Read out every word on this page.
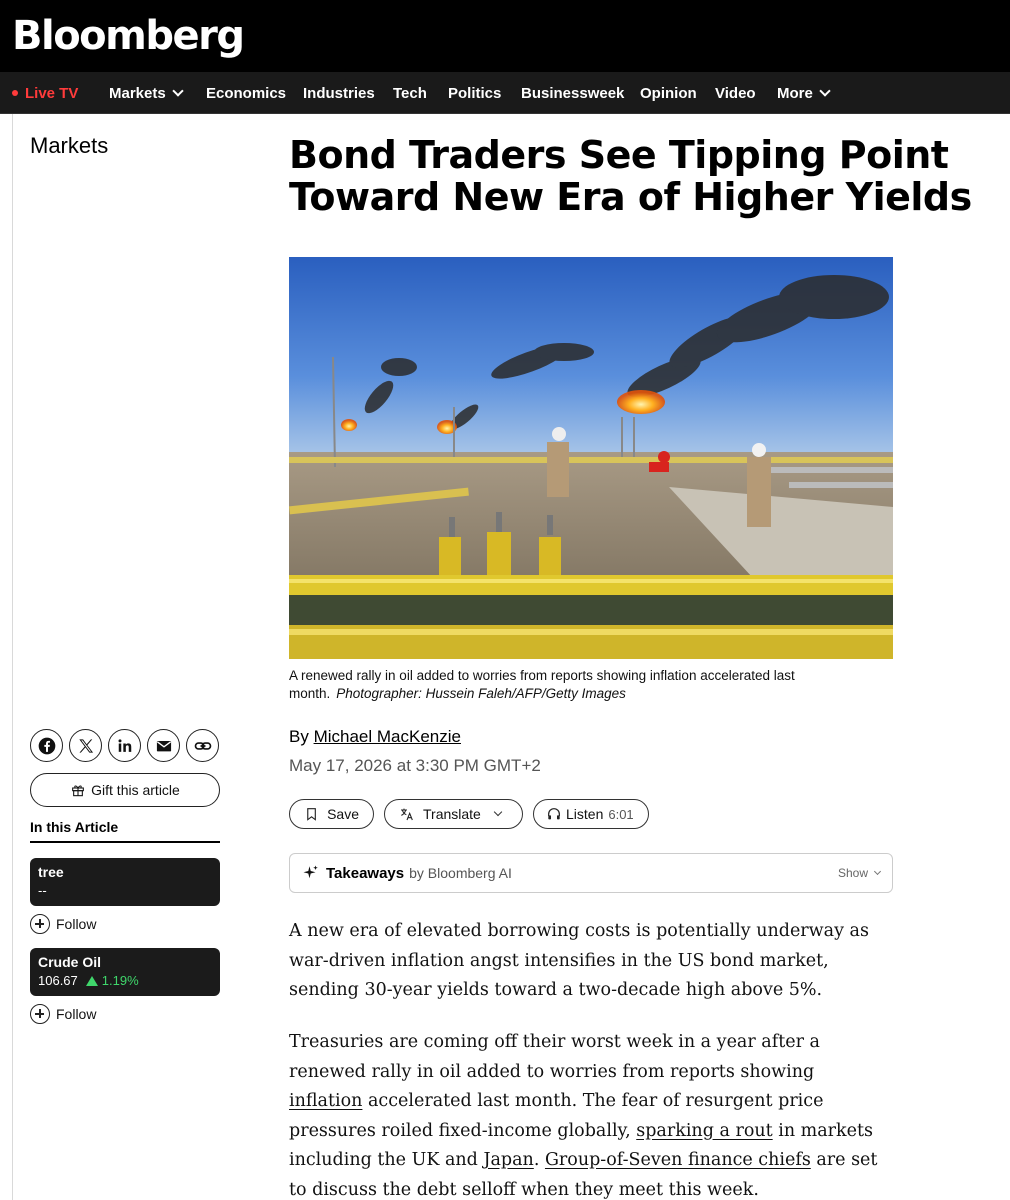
Bloomberg
Live TV Markets	Economics Industries Tech Politics Businessweek Opinion Video More
Markets
Gift this article
In this Article
tree
--
Follow
Crude Oil
106.67 1.19%
Follow
Bond Traders See Tipping Point Toward New Era of Higher Yields
A renewed rally in oil added to worries from reports showing inflation accelerated last month. Photographer: Hussein Faleh/AFP/Getty Images
By Michael MacKenzie
May 17, 2026 at 3:30 PM GMT+2
Save	Translate	Listen 6:01
Takeaways by Bloomberg AI	Show

A new era of elevated borrowing costs is potentially underway as war-driven inflation angst intensifies in the US bond market, sending 30-year yields toward a two-decade high above 5%.

Treasuries are coming off their worst week in a year after a renewed rally in oil added to worries from reports showing inflation accelerated last month. The fear of resurgent price pressures roiled fixed-income globally, sparking a rout in markets including the UK and Japan. Group-of-Seven finance chiefs are set to discuss the debt selloff when they meet this week.
